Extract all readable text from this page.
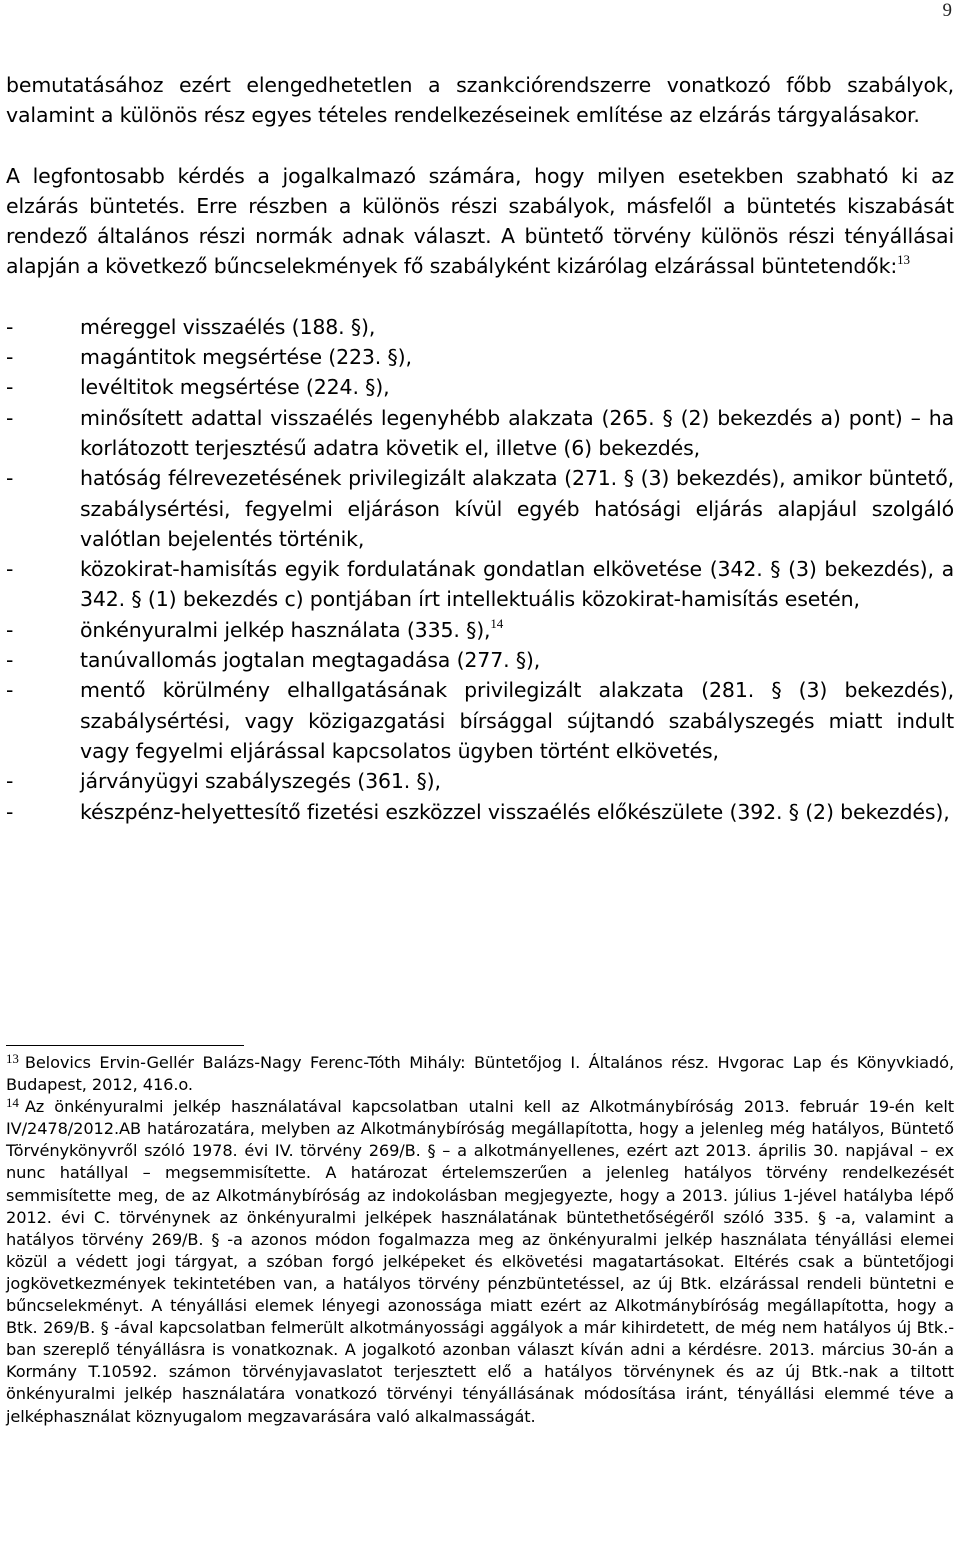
9

bemutatásához ezért elengedhetetlen a szankciórendszerre vonatkozó főbb szabályok, valamint a különös rész egyes tételes rendelkezéseinek említése az elzárás tárgyalásakor.

A legfontosabb kérdés a jogalkalmazó számára, hogy milyen esetekben szabható ki az elzárás büntetés. Erre részben a különös részi szabályok, másfelől a büntetés kiszabását rendező általános részi normák adnak választ. A büntető törvény különös részi tényállásai alapján a következő bűncselekmények fő szabályként kizárólag elzárással büntetendők:$^{13}$

- méreggel visszaélés (188. §),
- magántitok megsértése (223. §),
- levéltitok megsértése (224. §),
- minősített adattal visszaélés legenyhébb alakzata (265. § (2) bekezdés a) pont) – ha korlátozott terjesztésű adatra követik el, illetve (6) bekezdés,
- hatóság félrevezetésének privilegizált alakzata (271. § (3) bekezdés), amikor büntető, szabálysértési, fegyelmi eljáráson kívül egyéb hatósági eljárás alapjául szolgáló valótlan bejelentés történik,
- közokirat-hamisítás egyik fordulatának gondatlan elkövetése (342. § (3) bekezdés), a 342. § (1) bekezdés c) pontjában írt intellektuális közokirat-hamisítás esetén,
- önkényuralmi jelkép használata (335. §),$^{14}$
- tanúvallomás jogtalan megtagadása (277. §),
- mentő körülmény elhallgatásának privilegizált alakzata (281. § (3) bekezdés), szabálysértési, vagy közigazgatási bírsággal sújtandó szabályszegés miatt indult vagy fegyelmi eljárással kapcsolatos ügyben történt elkövetés,
- járványügyi szabályszegés (361. §),
- készpénz-helyettesítő fizetési eszközzel visszaélés előkészülete (392. § (2) bekezdés),

$^{13}$ Belovics Ervin-Gellér Balázs-Nagy Ferenc-Tóth Mihály: Büntetőjog I. Általános rész. Hvgorac Lap és Könyvkiadó, Budapest, 2012, 416.o.

$^{14}$ Az önkényuralmi jelkép használatával kapcsolatban utalni kell az Alkotmánybíróság 2013. február 19-én kelt IV/2478/2012.AB határozatára, melyben az Alkotmánybíróság megállapította, hogy a jelenleg még hatályos, Büntető Törvénykönyvről szóló 1978. évi IV. törvény 269/B. § – a alkotmányellenes, ezért azt 2013. április 30. napjával – ex nunc hatállyal – megsemmisítette. A határozat értelemszerűen a jelenleg hatályos törvény rendelkezését semmisítette meg, de az Alkotmánybíróság az indokolásban megjegyezte, hogy a 2013. július 1-jével hatályba lépő 2012. évi C. törvénynek az önkényuralmi jelképek használatának büntethetőségéről szóló 335. § -a, valamint a hatályos törvény 269/B. § -a azonos módon fogalmazza meg az önkényuralmi jelkép használata tényállási elemei közül a védett jogi tárgyat, a szóban forgó jelképeket és elkövetési magatartásokat. Eltérés csak a büntetőjogi jogkövetkezmények tekintetében van, a hatályos törvény pénzbüntetéssel, az új Btk. elzárással rendeli büntetni e bűncselekményt. A tényállási elemek lényegi azonossága miatt ezért az Alkotmánybíróság megállapította, hogy a Btk. 269/B. § -ával kapcsolatban felmerült alkotmányossági aggályok a már kihirdetett, de még nem hatályos új Btk.-ban szereplő tényállásra is vonatkoznak. A jogalkotó azonban választ kíván adni a kérdésre. 2013. március 30-án a Kormány T.10592. számon törvényjavaslatot terjesztett elő a hatályos törvénynek és az új Btk.-nak a tiltott önkényuralmi jelkép használatára vonatkozó törvényi tényállásának módosítása iránt, tényállási elemmé téve a jelképhasználat köznyugalom megzavarására való alkalmasságát.
